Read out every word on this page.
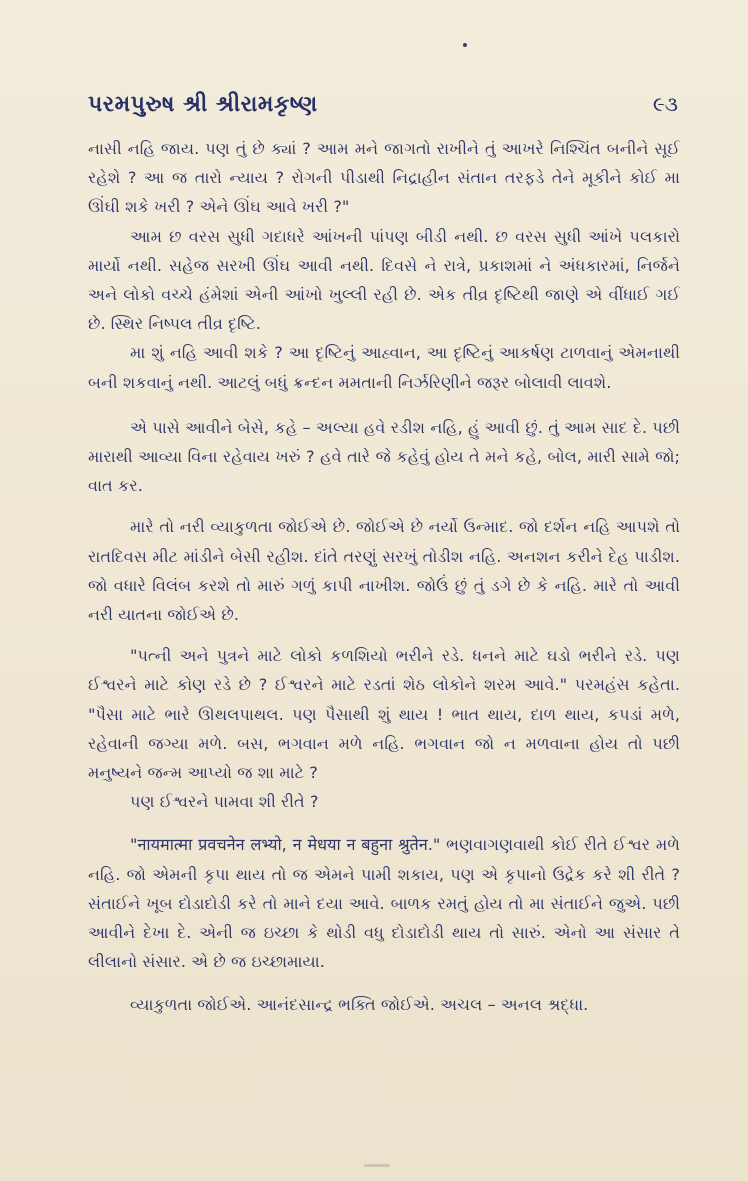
પરમપુરુષ શ્રી શ્રીરામકૃષ્ણ	૯૩

નાસી નહિ જાય. પણ તું છે ક્યાં ? આમ મને જાગતો રાખીને તું આખરે નિશ્ચિંત બનીને સૂઈ રહેશે ? આ જ તારો ન્યાય ? રોગની પીડાથી નિદ્રાહીન સંતાન તરફડે તેને મૂકીને કોઈ મા ઊંઘી શકે ખરી ? એને ઊંઘ આવે ખરી ?"

આમ છ વરસ સુધી ગદાધરે આંખની પાંપણ બીડી નથી. છ વરસ સુધી આંખે પલકારો માર્યો નથી. સહેજ સરખી ઊંઘ આવી નથી. દિવસે ને રાત્રે, પ્રકાશમાં ને અંધકારમાં, નિર્જને અને લોકો વચ્ચે હંમેશાં એની આંખો ખુલ્લી રહી છે. એક તીવ્ર દૃષ્ટિથી જાણે એ વીંધાઈ ગઈ છે. સ્થિર નિષ્પલ તીવ્ર દૃષ્ટિ.

મા શું નહિ આવી શકે ? આ દૃષ્ટિનું આહ્વાન, આ દૃષ્ટિનું આકર્ષણ ટાળવાનું એમનાથી બની શકવાનું નથી. આટલું બધું ક્રન્દન મમતાની નિર્ઝરિણીને જરૂર બોલાવી લાવશે.

એ પાસે આવીને બેસે, કહે – અલ્યા હવે રડીશ નહિ, હું આવી છું. તું આમ સાદ દે. પછી મારાથી આવ્યા વિના રહેવાય ખરું ? હવે તારે જે કહેવું હોય તે મને કહે, બોલ, મારી સામે જો; વાત કર.

મારે તો નરી વ્યાકુળતા જોઈએ છે. જોઈએ છે નર્યો ઉન્માદ. જો દર્શન નહિ આપશે તો રાતદિવસ મીટ માંડીને બેસી રહીશ. દાંતે તરણું સરખું તોડીશ નહિ. અનશન કરીને દેહ પાડીશ. જો વધારે વિલંબ કરશે તો મારું ગળું કાપી નાખીશ. જોઉં છું તું ડગે છે કે નહિ. મારે તો આવી નરી યાતના જોઈએ છે.

"પત્ની અને પુત્રને માટે લોકો કળશિયો ભરીને રડે. ધનને માટે ઘડો ભરીને રડે. પણ ઈશ્વરને માટે કોણ રડે છે ? ઈશ્વરને માટે રડતાં શેઠ લોકોને શરમ આવે." પરમહંસ કહેતા. "પૈસા માટે ભારે ઊથલપાથલ. પણ પૈસાથી શું થાય ! ભાત થાય, દાળ થાય, કપડાં મળે, રહેવાની જગ્યા મળે. બસ, ભગવાન મળે નહિ. ભગવાન જો ન મળવાના હોય તો પછી મનુષ્યને જન્મ આપ્યો જ શા માટે ?

પણ ઈશ્વરને પામવા શી રીતે ?

"नायमात्मा प्रवचनेन लभ्यो, न मेधया न बहुना श्रुतेन." ભણવાગણવાથી કોઈ રીતે ઈશ્વર મળે નહિ. જો એમની કૃપા થાય તો જ એમને પામી શકાય, પણ એ કૃપાનો ઉદ્રેક કરે શી રીતે ? સંતાઈને ખૂબ દોડાદોડી કરે તો માને દયા આવે. બાળક રમતું હોય તો મા સંતાઈને જુએ. પછી આવીને દેખા દે. એની જ ઇચ્છા કે થોડી વધુ દોડાદોડી થાય તો સારું. એનો આ સંસાર તે લીલાનો સંસાર. એ છે જ ઇચ્છામાયા.

વ્યાકુળતા જોઈએ. આનંદસાન્દ્ર ભક્તિ જોઈએ. અચલ – અનલ શ્રદ્ધા.
